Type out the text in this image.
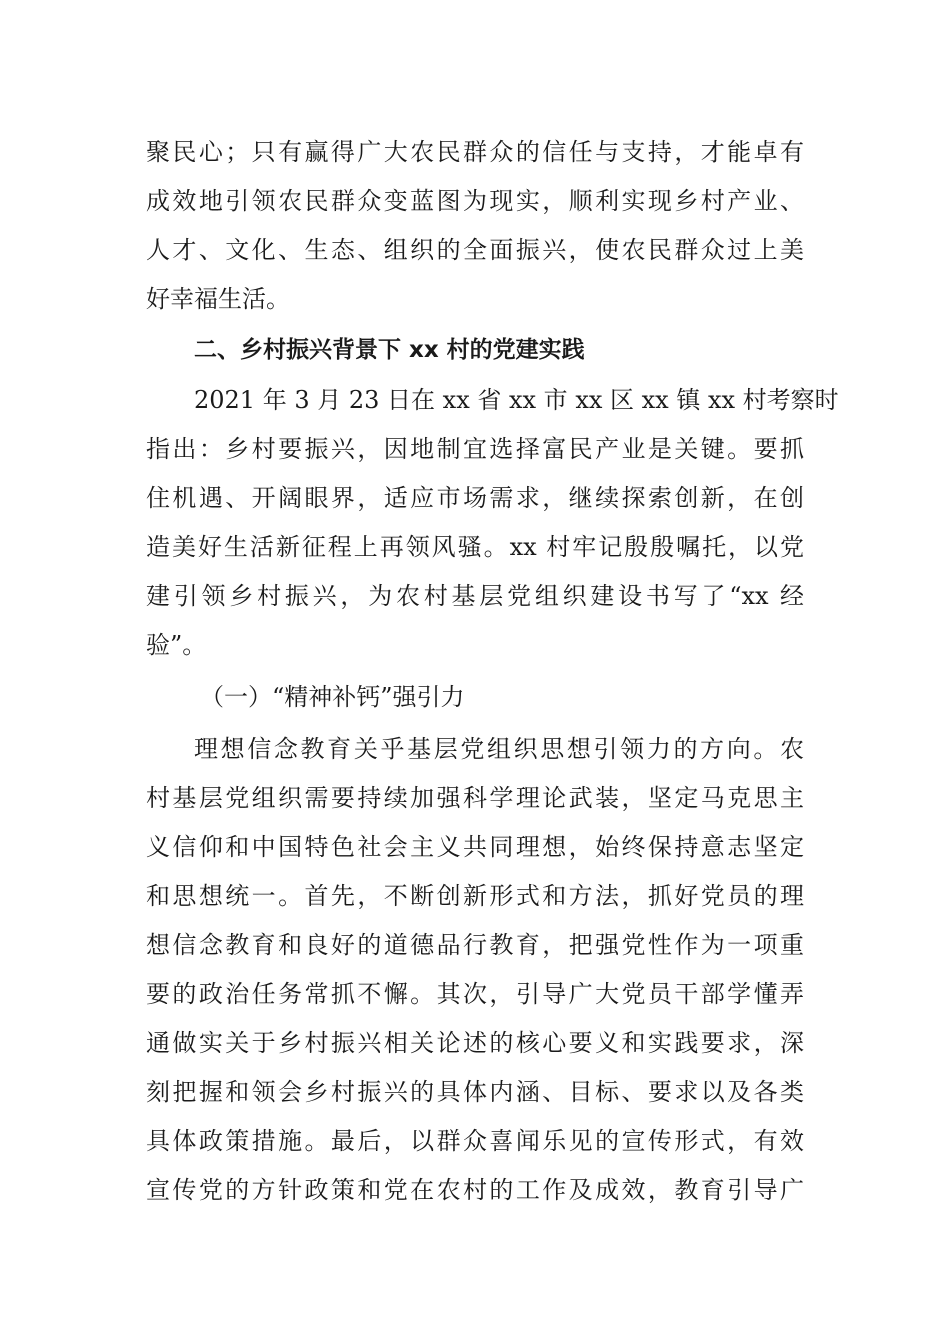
聚民心；只有赢得广大农民群众的信任与支持，才能卓有
成效地引领农民群众变蓝图为现实，顺利实现乡村产业、
人才、文化、生态、组织的全面振兴，使农民群众过上美
好幸福生活。
二、乡村振兴背景下 xx 村的党建实践
2021 年 3 月 23 日在 xx 省 xx 市 xx 区 xx 镇 xx 村考察时
指出：乡村要振兴，因地制宜选择富民产业是关键。要抓
住机遇、开阔眼界，适应市场需求，继续探索创新，在创
造美好生活新征程上再领风骚。xx 村牢记殷殷嘱托，以党
建引领乡村振兴，为农村基层党组织建设书写了“xx 经
验”。
（一）“精神补钙”强引力
理想信念教育关乎基层党组织思想引领力的方向。农
村基层党组织需要持续加强科学理论武装，坚定马克思主
义信仰和中国特色社会主义共同理想，始终保持意志坚定
和思想统一。首先，不断创新形式和方法，抓好党员的理
想信念教育和良好的道德品行教育，把强党性作为一项重
要的政治任务常抓不懈。其次，引导广大党员干部学懂弄
通做实关于乡村振兴相关论述的核心要义和实践要求，深
刻把握和领会乡村振兴的具体内涵、目标、要求以及各类
具体政策措施。最后，以群众喜闻乐见的宣传形式，有效
宣传党的方针政策和党在农村的工作及成效，教育引导广
